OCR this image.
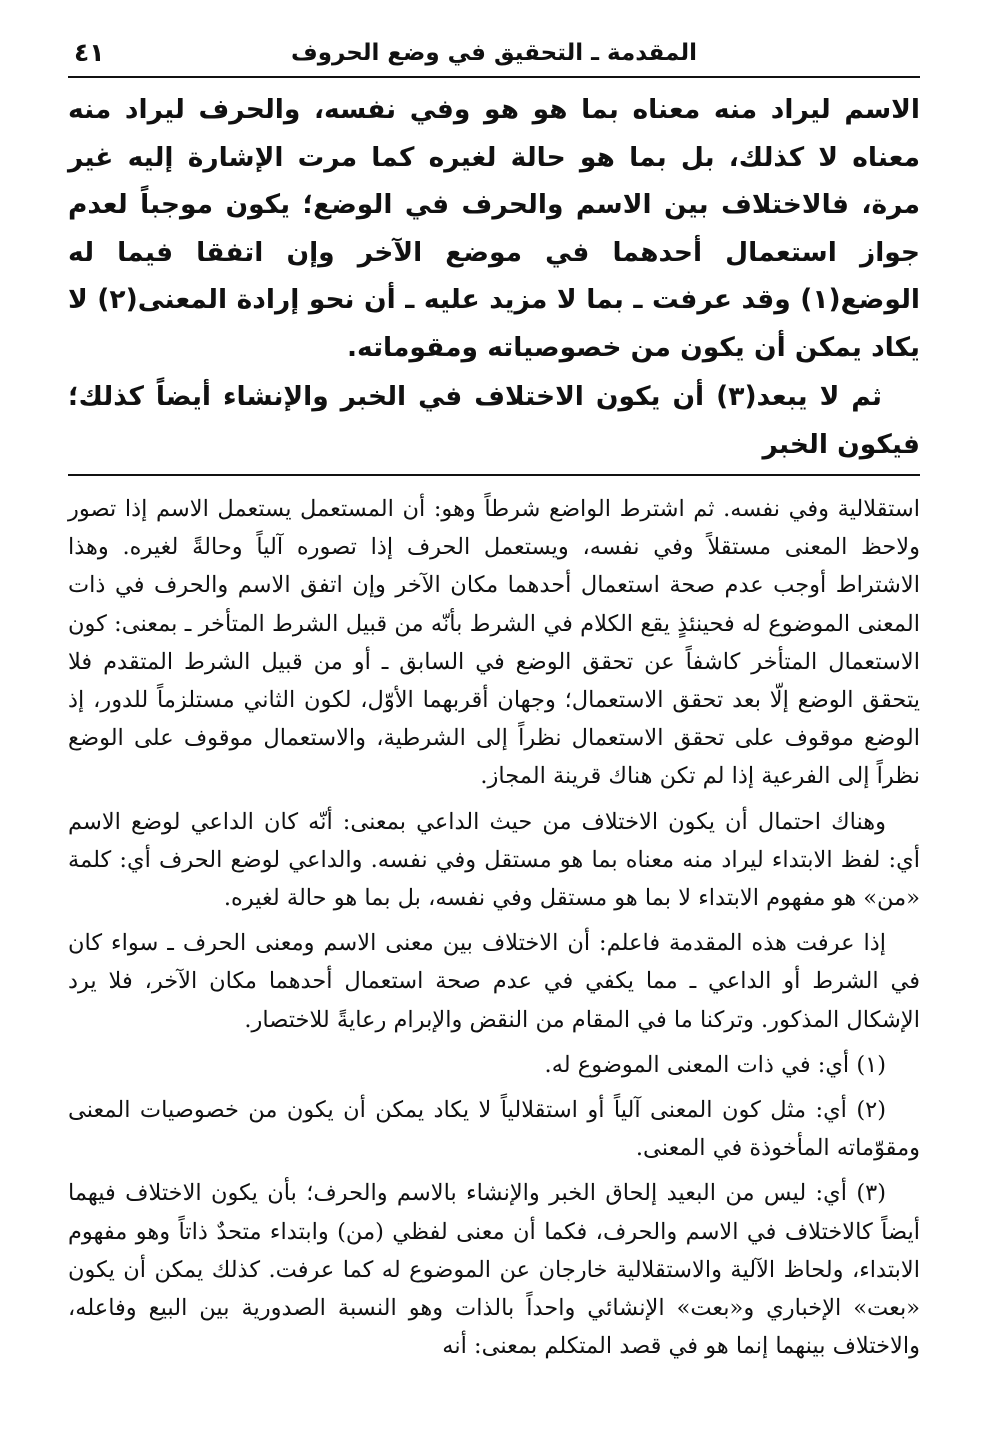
المقدمة ـ التحقيق في وضع الحروف
٤١

الاسم ليراد منه معناه بما هو هو وفي نفسه، والحرف ليراد منه معناه لا كذلك، بل بما هو حالة لغيره كما مرت الإشارة إليه غير مرة، فالاختلاف بين الاسم والحرف في الوضع؛ يكون موجباً لعدم جواز استعمال أحدهما في موضع الآخر وإن اتفقا فيما له الوضع(١) وقد عرفت ـ بما لا مزيد عليه ـ أن نحو إرادة المعنى(٢) لا يكاد يمكن أن يكون من خصوصياته ومقوماته.

ثم لا يبعد(٣) أن يكون الاختلاف في الخبر والإنشاء أيضاً كذلك؛ فيكون الخبر

استقلالية وفي نفسه. ثم اشترط الواضع شرطاً وهو: أن المستعمل يستعمل الاسم إذا تصور ولاحظ المعنى مستقلاً وفي نفسه، ويستعمل الحرف إذا تصوره آلياً وحالةً لغيره. وهذا الاشتراط أوجب عدم صحة استعمال أحدهما مكان الآخر وإن اتفق الاسم والحرف في ذات المعنى الموضوع له فحينئذٍ يقع الكلام في الشرط بأنّه من قبيل الشرط المتأخر ـ بمعنى: كون الاستعمال المتأخر كاشفاً عن تحقق الوضع في السابق ـ أو من قبيل الشرط المتقدم فلا يتحقق الوضع إلّا بعد تحقق الاستعمال؛ وجهان أقربهما الأوّل، لكون الثاني مستلزماً للدور، إذ الوضع موقوف على تحقق الاستعمال نظراً إلى الشرطية، والاستعمال موقوف على الوضع نظراً إلى الفرعية إذا لم تكن هناك قرينة المجاز.

وهناك احتمال أن يكون الاختلاف من حيث الداعي بمعنى: أنّه كان الداعي لوضع الاسم أي: لفظ الابتداء ليراد منه معناه بما هو مستقل وفي نفسه. والداعي لوضع الحرف أي: كلمة «من» هو مفهوم الابتداء لا بما هو مستقل وفي نفسه، بل بما هو حالة لغيره.

إذا عرفت هذه المقدمة فاعلم: أن الاختلاف بين معنى الاسم ومعنى الحرف ـ سواء كان في الشرط أو الداعي ـ مما يكفي في عدم صحة استعمال أحدهما مكان الآخر، فلا يرد الإشكال المذكور. وتركنا ما في المقام من النقض والإبرام رعايةً للاختصار.

(١) أي: في ذات المعنى الموضوع له.

(٢) أي: مثل كون المعنى آلياً أو استقلالياً لا يكاد يمكن أن يكون من خصوصيات المعنى ومقوّماته المأخوذة في المعنى.

(٣) أي: ليس من البعيد إلحاق الخبر والإنشاء بالاسم والحرف؛ بأن يكون الاختلاف فيهما أيضاً كالاختلاف في الاسم والحرف، فكما أن معنى لفظي (من) وابتداء متحدٌ ذاتاً وهو مفهوم الابتداء، ولحاظ الآلية والاستقلالية خارجان عن الموضوع له كما عرفت. كذلك يمكن أن يكون «بعت» الإخباري و«بعت» الإنشائي واحداً بالذات وهو النسبة الصدورية بين البيع وفاعله، والاختلاف بينهما إنما هو في قصد المتكلم بمعنى: أنه
